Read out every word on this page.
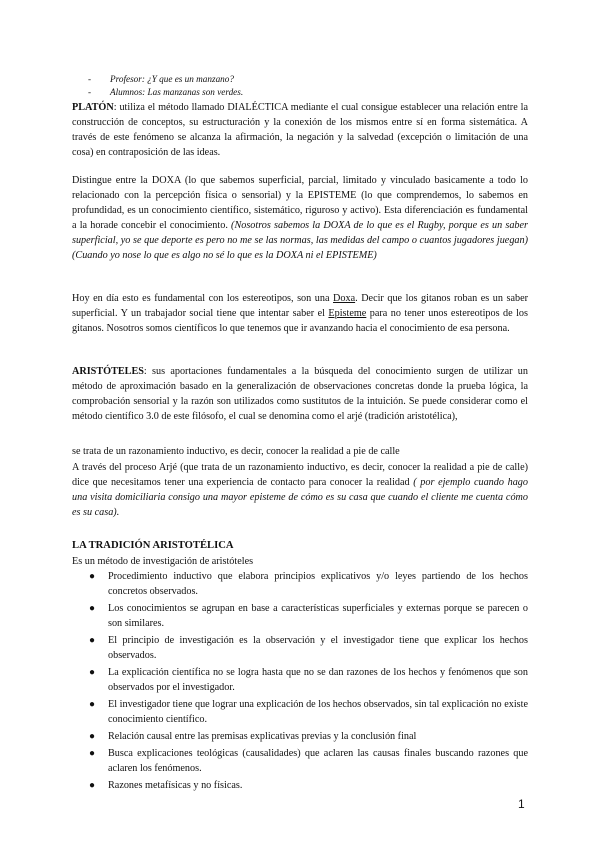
- Profesor: ¿Y que es un manzano?
- Alumnos: Las manzanas son verdes.

PLATÓN: utiliza el método llamado DIALÉCTICA mediante el cual consigue establecer una relación entre la construcción de conceptos, su estructuración y la conexión de los mismos entre sí en forma sistemática. A través de este fenómeno se alcanza la afirmación, la negación y la salvedad (excepción o limitación de una cosa) en contraposición de las ideas.

Distingue entre la DOXA (lo que sabemos superficial, parcial, limitado y vinculado basicamente a todo lo relacionado con la percepción física o sensorial) y la EPISTEME (lo que comprendemos, lo sabemos en profundidad, es un conocimiento científico, sistemático, riguroso y activo). Esta diferenciación es fundamental a la horade concebir el conocimiento. (Nosotros sabemos la DOXA de lo que es el Rugby, porque es un saber superficial, yo se que deporte es pero no me se las normas, las medidas del campo o cuantos jugadores juegan)(Cuando yo nose lo que es algo no sé lo que es la DOXA ni el EPISTEME)

Hoy en día esto es fundamental con los estereotipos, son una Doxa. Decir que los gitanos roban es un saber superficial. Y un trabajador social tiene que intentar saber el Episteme para no tener unos estereotipos de los gitanos. Nosotros somos científicos lo que tenemos que ir avanzando hacia el conocimiento de esa persona.

ARISTÓTELES: sus aportaciones fundamentales a la búsqueda del conocimiento surgen de utilizar un método de aproximación basado en la generalización de observaciones concretas donde la prueba lógica, la comprobación sensorial y la razón son utilizados como sustitutos de la intuición. Se puede considerar como el método científico 3.0 de este filósofo, el cual se denomina como el arjé (tradición aristotélica),

se trata de un razonamiento inductivo, es decir, conocer la realidad a pie de calle

A través del proceso Arjé (que trata de un razonamiento inductivo, es decir, conocer la realidad a pie de calle) dice que necesitamos tener una experiencia de contacto para conocer la realidad ( por ejemplo cuando hago una visita domiciliaria consigo una mayor episteme de cómo es su casa que cuando el cliente me cuenta cómo es su casa).

LA TRADICIÓN ARISTOTÉLICA
Es un método de investigación de aristóteles
● Procedimiento inductivo que elabora principios explicativos y/o leyes partiendo de los hechos concretos observados.
● Los conocimientos se agrupan en base a características superficiales y externas porque se parecen o son similares.
● El principio de investigación es la observación y el investigador tiene que explicar los hechos observados.
● La explicación científica no se logra hasta que no se dan razones de los hechos y fenómenos que son observados por el investigador.
● El investigador tiene que lograr una explicación de los hechos observados, sin tal explicación no existe conocimiento científico.
● Relación causal entre las premisas explicativas previas y la conclusión final
● Busca explicaciones teológicas (causalidades) que aclaren las causas finales buscando razones que aclaren los fenómenos.
● Razones metafísicas y no físicas.
1
